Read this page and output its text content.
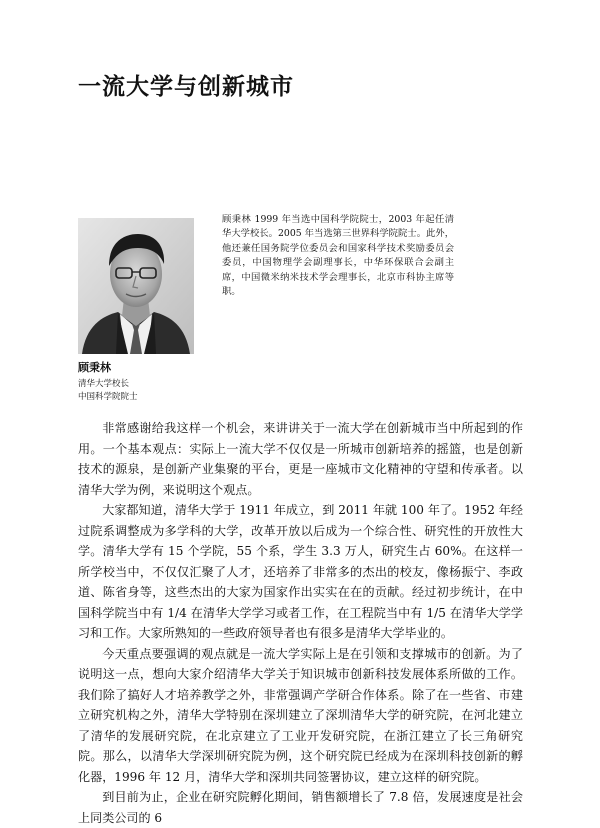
一流大学与创新城市

顾秉林 1999 年当选中国科学院院士，2003 年起任清华大学校长。2005 年当选第三世界科学院院士。此外，他还兼任国务院学位委员会和国家科学技术奖励委员会委员，中国物理学会副理事长，中华环保联合会副主席，中国微米纳米技术学会理事长，北京市科协主席等职。

顾秉林
清华大学校长
中国科学院院士

非常感谢给我这样一个机会，来讲讲关于一流大学在创新城市当中所起到的作用。一个基本观点：实际上一流大学不仅仅是一所城市创新培养的摇篮，也是创新技术的源泉，是创新产业集聚的平台，更是一座城市文化精神的守望和传承者。以清华大学为例，来说明这个观点。

大家都知道，清华大学于 1911 年成立，到 2011 年就 100 年了。1952 年经过院系调整成为多学科的大学，改革开放以后成为一个综合性、研究性的开放性大学。清华大学有 15 个学院，55 个系，学生 3.3 万人，研究生占 60%。在这样一所学校当中，不仅仅汇聚了人才，还培养了非常多的杰出的校友，像杨振宁、李政道、陈省身等，这些杰出的大家为国家作出实实在在的贡献。经过初步统计，在中国科学院当中有 1/4 在清华大学学习或者工作，在工程院当中有 1/5 在清华大学学习和工作。大家所熟知的一些政府领导者也有很多是清华大学毕业的。

今天重点要强调的观点就是一流大学实际上是在引领和支撑城市的创新。为了说明这一点，想向大家介绍清华大学关于知识城市创新科技发展体系所做的工作。我们除了搞好人才培养教学之外，非常强调产学研合作体系。除了在一些省、市建立研究机构之外，清华大学特别在深圳建立了深圳清华大学的研究院，在河北建立了清华的发展研究院，在北京建立了工业开发研究院，在浙江建立了长三角研究院。那么，以清华大学深圳研究院为例，这个研究院已经成为在深圳科技创新的孵化器，1996 年 12 月，清华大学和深圳共同签署协议，建立这样的研究院。

到目前为止，企业在研究院孵化期间，销售额增长了 7.8 倍，发展速度是社会上同类公司的 6
